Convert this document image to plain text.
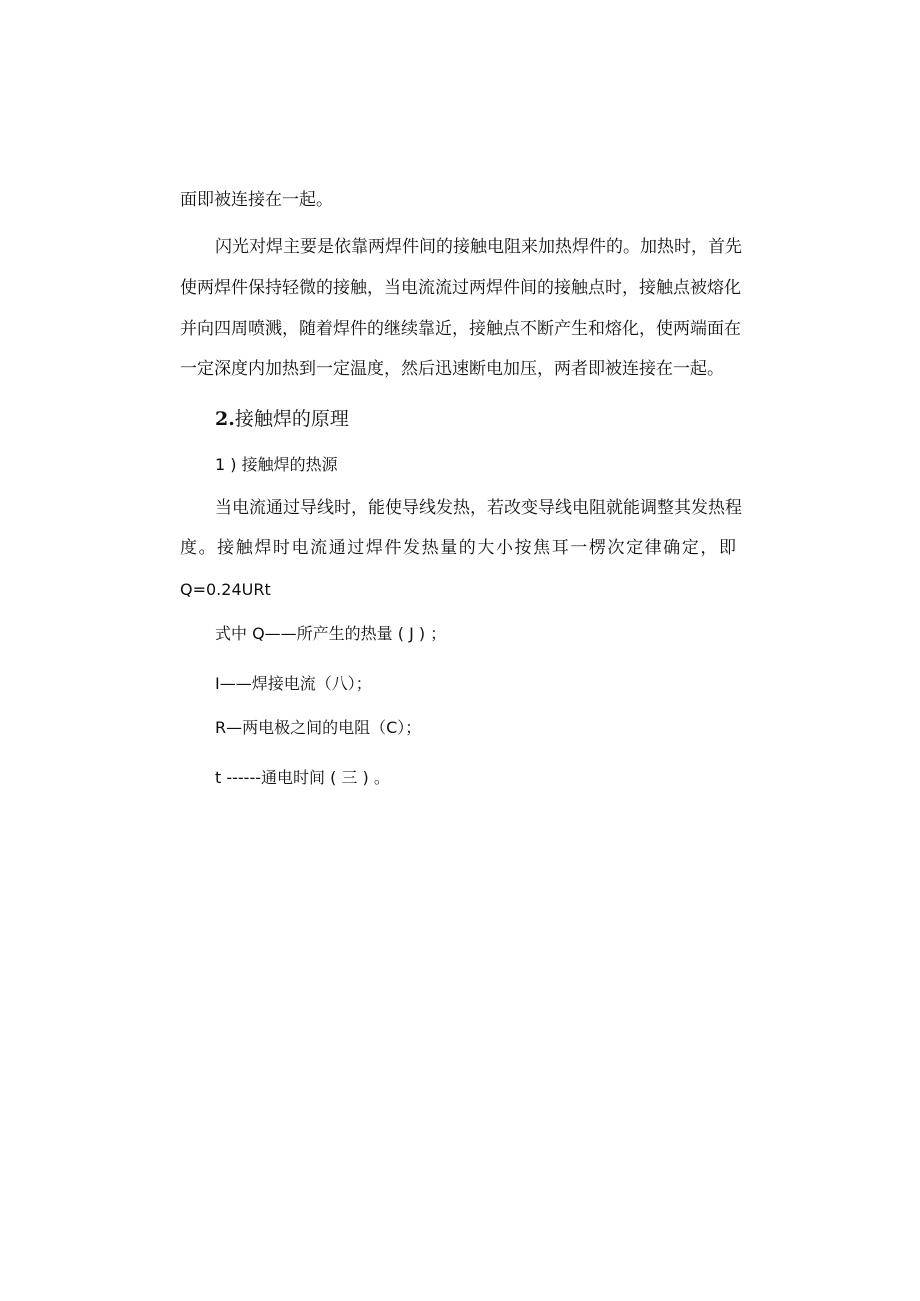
面即被连接在一起。
闪光对焊主要是依靠两焊件间的接触电阻来加热焊件的。加热时，首先
使两焊件保持轻微的接触，当电流流过两焊件间的接触点时，接触点被熔化
并向四周喷溅，随着焊件的继续靠近，接触点不断产生和熔化，使两端面在
一定深度内加热到一定温度，然后迅速断电加压，两者即被连接在一起。
2.接触焊的原理
1 ) 接触焊的热源
当电流通过导线时，能使导线发热，若改变导线电阻就能调整其发热程
度。接触焊时电流通过焊件发热量的大小按焦耳一楞次定律确定，即
Q=0.24URt
式中 Q——所产生的热量 ( J ) ；
I——焊接电流（八）；
R—两电极之间的电阻（C）；
t ------通电时间 ( 三 ) 。
